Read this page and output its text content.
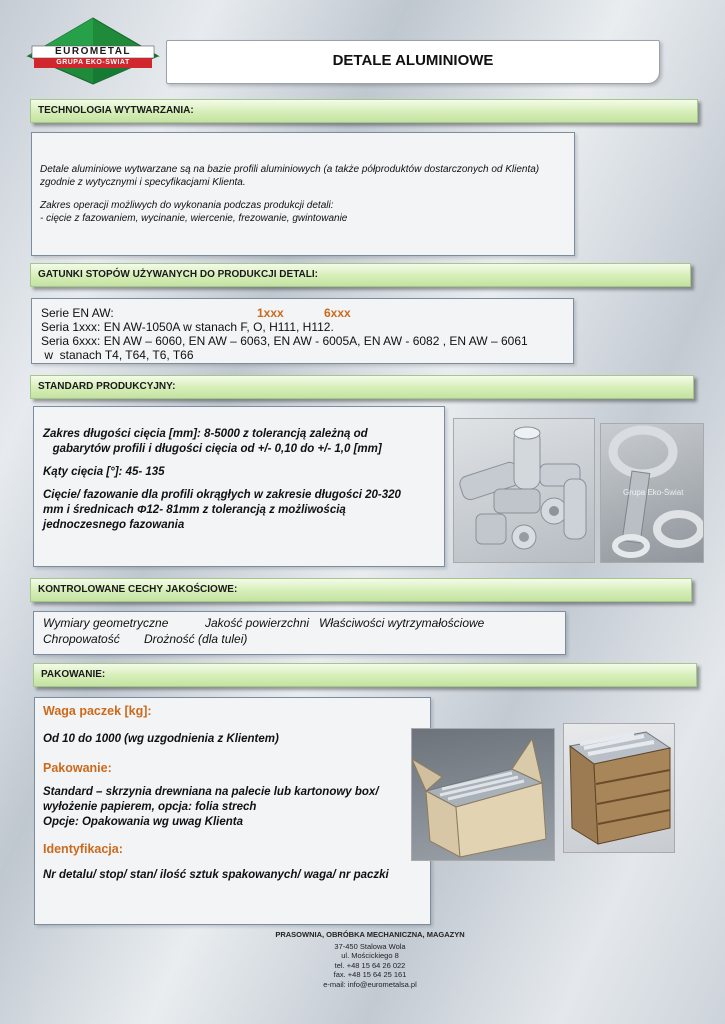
EUROMETAL
GRUPA EKO-ŚWIAT	DETALE ALUMINIOWE
TECHNOLOGIA WYTWARZANIA:

Detale aluminiowe wytwarzane są na bazie profili aluminiowych (a także półproduktów dostarczonych od Klienta) zgodnie z wytycznymi i specyfikacjami Klienta.

Zakres operacji możliwych do wykonania podczas produkcji detali:

- cięcie z fazowaniem, wycinanie, wiercenie, frezowanie, gwintowanie

GATUNKI STOPÓW UŻYWANYCH DO PRODUKCJI DETALI:

Serie EN AW:	1xxx	6xxx

Seria 1xxx: EN AW-1050A w stanach F, O, H111, H112.

Seria 6xxx: EN AW – 6060, EN AW – 6063, EN AW - 6005A, EN AW - 6082 , EN AW – 6061

w  stanach T4, T64, T6, T66

STANDARD PRODUKCYJNY:

Zakres długości cięcia [mm]: 8-5000 z tolerancją zależną od

gabarytów profili i długości cięcia od +/- 0,10 do +/- 1,0 [mm]

Kąty cięcia [°]: 45- 135

Cięcie/ fazowanie dla profili okrągłych w zakresie długości 20-320

mm i średnicach Φ12- 81mm z tolerancją z możliwością

jednoczesnego fazowania

Grupa Eko-Świat
KONTROLOWANE CECHY JAKOŚCIOWE:
Wymiary geometryczne	Jakość powierzchni Właściwości wytrzymałościowe
Chropowatość Drożność (dla tulei)
PAKOWANIE:

Waga paczek [kg]:

Od 10 do 1000 (wg uzgodnienia z Klientem)

Pakowanie:

Standard – skrzynia drewniana na palecie lub kartonowy box/

wyłożenie papierem, opcja: folia strech

Opcje: Opakowania wg uwag Klienta

Identyfikacja:

Nr detalu/ stop/ stan/ ilość sztuk spakowanych/ waga/ nr paczki

PRASOWNIA, OBRÓBKA MECHANICZNA, MAGAZYN
37-450 Stalowa Wola
ul. Mościckiego 8
tel. +48 15 64 26 022
fax. +48 15 64 25 161
e-mail: info@eurometalsa.pl
